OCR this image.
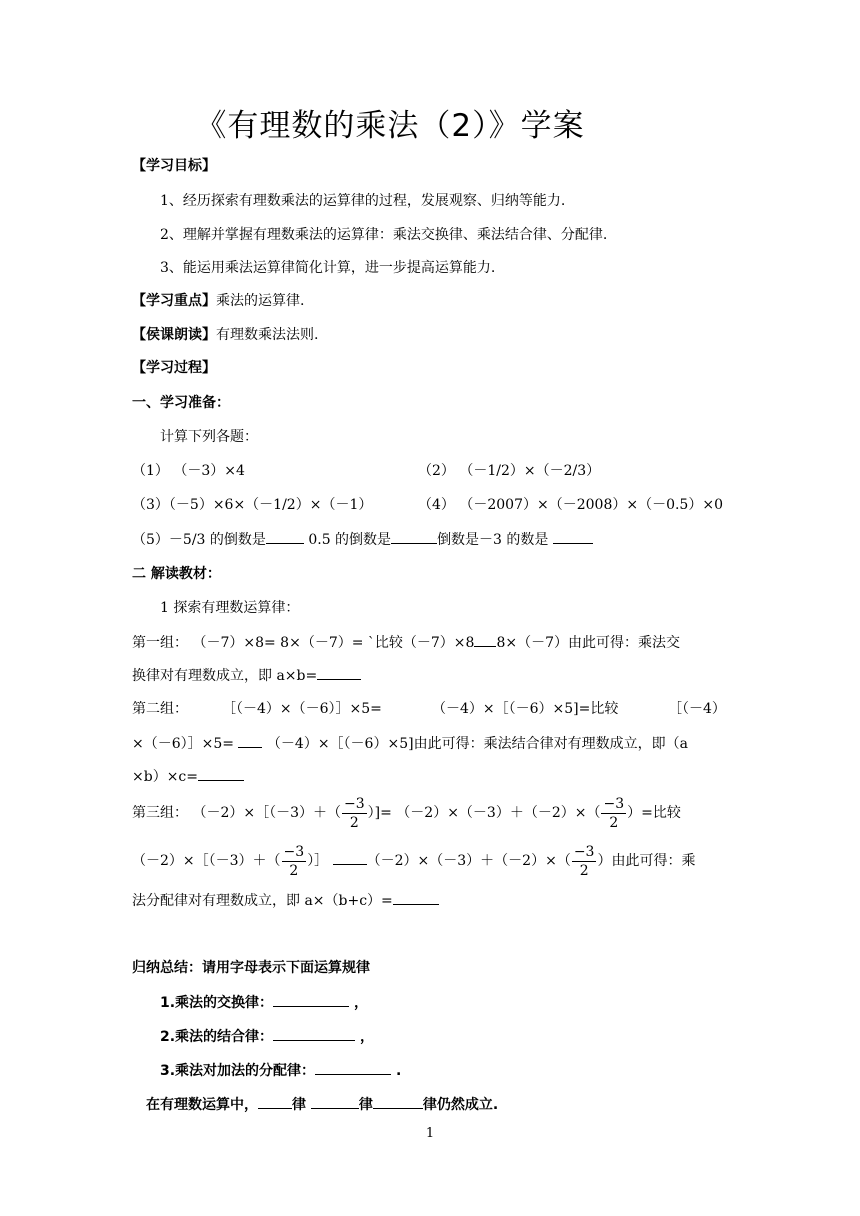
《有理数的乘法（2）》学案
【学习目标】
1、经历探索有理数乘法的运算律的过程，发展观察、归纳等能力.
2、理解并掌握有理数乘法的运算律：乘法交换律、乘法结合律、分配律.
3、能运用乘法运算律简化计算，进一步提高运算能力.
【学习重点】乘法的运算律.
【侯课朗读】有理数乘法法则.
【学习过程】
一、学习准备：
计算下列各题：
（1） （－3）×4	（2） （－1/2）×（－2/3）
（3）（－5）×6×（－1/2）×（－1）	（4） （－2007）×（－2008）×（－0.5）×0
（5）－5/3 的倒数是	0.5 的倒数是	倒数是－3 的数是
二 解读教材：
1 探索有理数运算律：
第一组： （－7）×8= 8×（－7）= `比较（－7）×8 8×（－7）由此可得：乘法交
换律对有理数成立，即 a×b=
第二组： ［（－4）×（－6）］×5=	（－4）×［（－6）×5]=比较	［（－4）
×（－6）］×5= （－4）×［（－6）×5]由此可得：乘法结合律对有理数成立，即（a
×b）×c=
第三组： （－2）×［（－3）＋（ $\frac{-3}{2}$ ）]= $(-2)\times(-3)+(-2)\times( \frac{-3}{2}$ ）=比较
（－2）×［（－3）＋（ $\frac{-3}{2}$ ）］	$(-2)\times(-3)+(-2)\times( \frac{-3}{2}$ ）由此可得：乘
法分配律对有理数成立，即 a×（b+c）=
归纳总结：请用字母表示下面运算规律
1.乘法的交换律：	，
2.乘法的结合律：	，
3.乘法对加法的分配律：	.
在有理数运算中， 律	律	律仍然成立.
1
